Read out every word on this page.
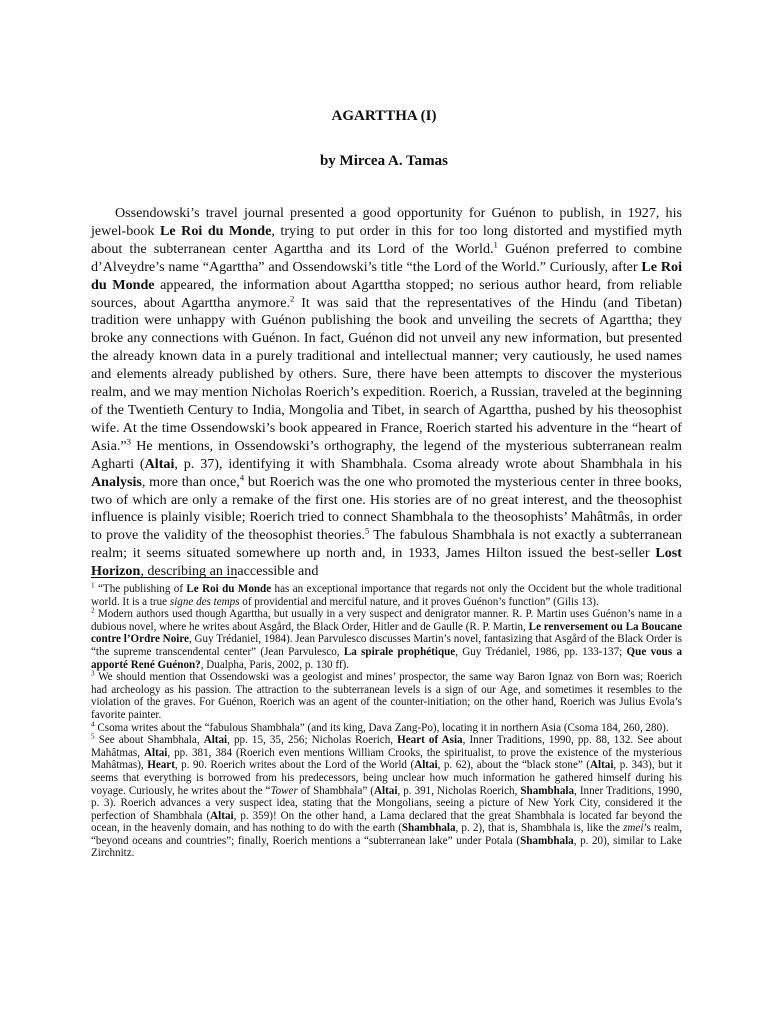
AGARTTHA (I)
by Mircea A. Tamas

Ossendowski’s travel journal presented a good opportunity for Guénon to publish, in 1927, his jewel-book Le Roi du Monde, trying to put order in this for too long distorted and mystified myth about the subterranean center Agarttha and its Lord of the World.$^1$ Guénon preferred to combine d’Alveydre’s name “Agarttha” and Ossendowski’s title “the Lord of the World.” Curiously, after Le Roi du Monde appeared, the information about Agarttha stopped; no serious author heard, from reliable sources, about Agarttha anymore.$^2$ It was said that the representatives of the Hindu (and Tibetan) tradition were unhappy with Guénon publishing the book and unveiling the secrets of Agarttha; they broke any connections with Guénon. In fact, Guénon did not unveil any new information, but presented the already known data in a purely traditional and intellectual manner; very cautiously, he used names and elements already published by others. Sure, there have been attempts to discover the mysterious realm, and we may mention Nicholas Roerich’s expedition. Roerich, a Russian, traveled at the beginning of the Twentieth Century to India, Mongolia and Tibet, in search of Agarttha, pushed by his theosophist wife. At the time Ossendowski’s book appeared in France, Roerich started his adventure in the “heart of Asia.”$^3$ He mentions, in Ossendowski’s orthography, the legend of the mysterious subterranean realm Agharti (Altai, p. 37), identifying it with Shambhala. Csoma already wrote about Shambhala in his Analysis, more than once,$^4$ but Roerich was the one who promoted the mysterious center in three books, two of which are only a remake of the first one. His stories are of no great interest, and the theosophist influence is plainly visible; Roerich tried to connect Shambhala to the theosophists’ Mahâtmâs, in order to prove the validity of the theosophist theories.$^5$ The fabulous Shambhala is not exactly a subterranean realm; it seems situated somewhere up north and, in 1933, James Hilton issued the best-seller Lost Horizon, describing an inaccessible and

$^1$ “The publishing of Le Roi du Monde has an exceptional importance that regards not only the Occident but the whole traditional world. It is a true signe des temps of providential and merciful nature, and it proves Guénon’s function” (Gilis 13).

$^2$ Modern authors used though Agarttha, but usually in a very suspect and denigrator manner. R. P. Martin uses Guénon’s name in a dubious novel, where he writes about Asgård, the Black Order, Hitler and de Gaulle (R. P. Martin, Le renversement ou La Boucane contre l’Ordre Noire, Guy Trédaniel, 1984). Jean Parvulesco discusses Martin’s novel, fantasizing that Asgård of the Black Order is “the supreme transcendental center” (Jean Parvulesco, La spirale prophétique, Guy Trédaniel, 1986, pp. 133-137; Que vous a apporté René Guénon?, Dualpha, Paris, 2002, p. 130 ff).

$^3$ We should mention that Ossendowski was a geologist and mines’ prospector, the same way Baron Ignaz von Born was; Roerich had archeology as his passion. The attraction to the subterranean levels is a sign of our Age, and sometimes it resembles to the violation of the graves. For Guénon, Roerich was an agent of the counter-initiation; on the other hand, Roerich was Julius Evola’s favorite painter.

$^4$ Csoma writes about the “fabulous Shambhala” (and its king, Dava Zang-Po), locating it in northern Asia (Csoma 184, 260, 280).

$^5$ See about Shambhala, Altai, pp. 15, 35, 256; Nicholas Roerich, Heart of Asia, Inner Traditions, 1990, pp. 88, 132. See about Mahâtmas, Altai, pp. 381, 384 (Roerich even mentions William Crooks, the spiritualist, to prove the existence of the mysterious Mahâtmas), Heart, p. 90. Roerich writes about the Lord of the World (Altai, p. 62), about the “black stone” (Altai, p. 343), but it seems that everything is borrowed from his predecessors, being unclear how much information he gathered himself during his voyage. Curiously, he writes about the “Tower of Shambhala” (Altai, p. 391, Nicholas Roerich, Shambhala, Inner Traditions, 1990, p. 3). Roerich advances a very suspect idea, stating that the Mongolians, seeing a picture of New York City, considered it the perfection of Shambhala (Altai, p. 359)! On the other hand, a Lama declared that the great Shambhala is located far beyond the ocean, in the heavenly domain, and has nothing to do with the earth (Shambhala, p. 2), that is, Shambhala is, like the zmei’s realm, “beyond oceans and countries”; finally, Roerich mentions a “subterranean lake” under Potala (Shambhala, p. 20), similar to Lake Zirchnitz.
